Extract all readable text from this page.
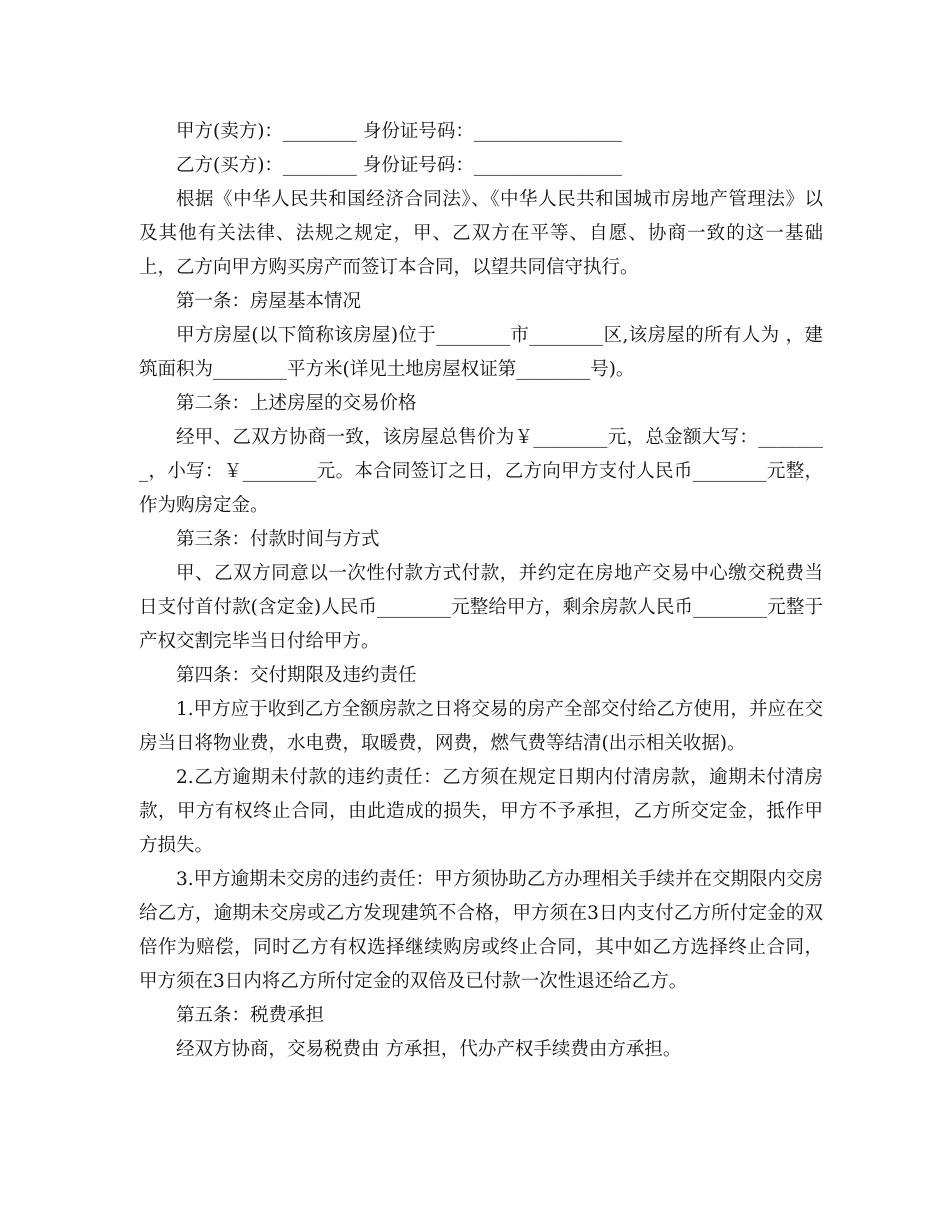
甲方(卖方)：________ 身份证号码：________________

乙方(买方)：________ 身份证号码：________________

根据《中华人民共和国经济合同法》、《中华人民共和国城市房地产管理法》以及其他有关法律、法规之规定，甲、乙双方在平等、自愿、协商一致的这一基础上，乙方向甲方购买房产而签订本合同，以望共同信守执行。

第一条：房屋基本情况

甲方房屋(以下简称该房屋)位于________市________区,该房屋的所有人为 ，建筑面积为________平方米(详见土地房屋权证第________号)。

第二条：上述房屋的交易价格

经甲、乙双方协商一致，该房屋总售价为￥________元，总金额大写：________，小写：￥________元。本合同签订之日，乙方向甲方支付人民币________元整，作为购房定金。

第三条：付款时间与方式

甲、乙双方同意以一次性付款方式付款，并约定在房地产交易中心缴交税费当日支付首付款(含定金)人民币________元整给甲方，剩余房款人民币________元整于产权交割完毕当日付给甲方。

第四条：交付期限及违约责任

1.甲方应于收到乙方全额房款之日将交易的房产全部交付给乙方使用，并应在交房当日将物业费，水电费，取暖费，网费，燃气费等结清(出示相关收据)。

2.乙方逾期未付款的违约责任：乙方须在规定日期内付清房款，逾期未付清房款，甲方有权终止合同，由此造成的损失，甲方不予承担，乙方所交定金，抵作甲方损失。

3.甲方逾期未交房的违约责任：甲方须协助乙方办理相关手续并在交期限内交房给乙方，逾期未交房或乙方发现建筑不合格，甲方须在3日内支付乙方所付定金的双倍作为赔偿，同时乙方有权选择继续购房或终止合同，其中如乙方选择终止合同，甲方须在3日内将乙方所付定金的双倍及已付款一次性退还给乙方。

第五条：税费承担

经双方协商，交易税费由 方承担，代办产权手续费由方承担。
